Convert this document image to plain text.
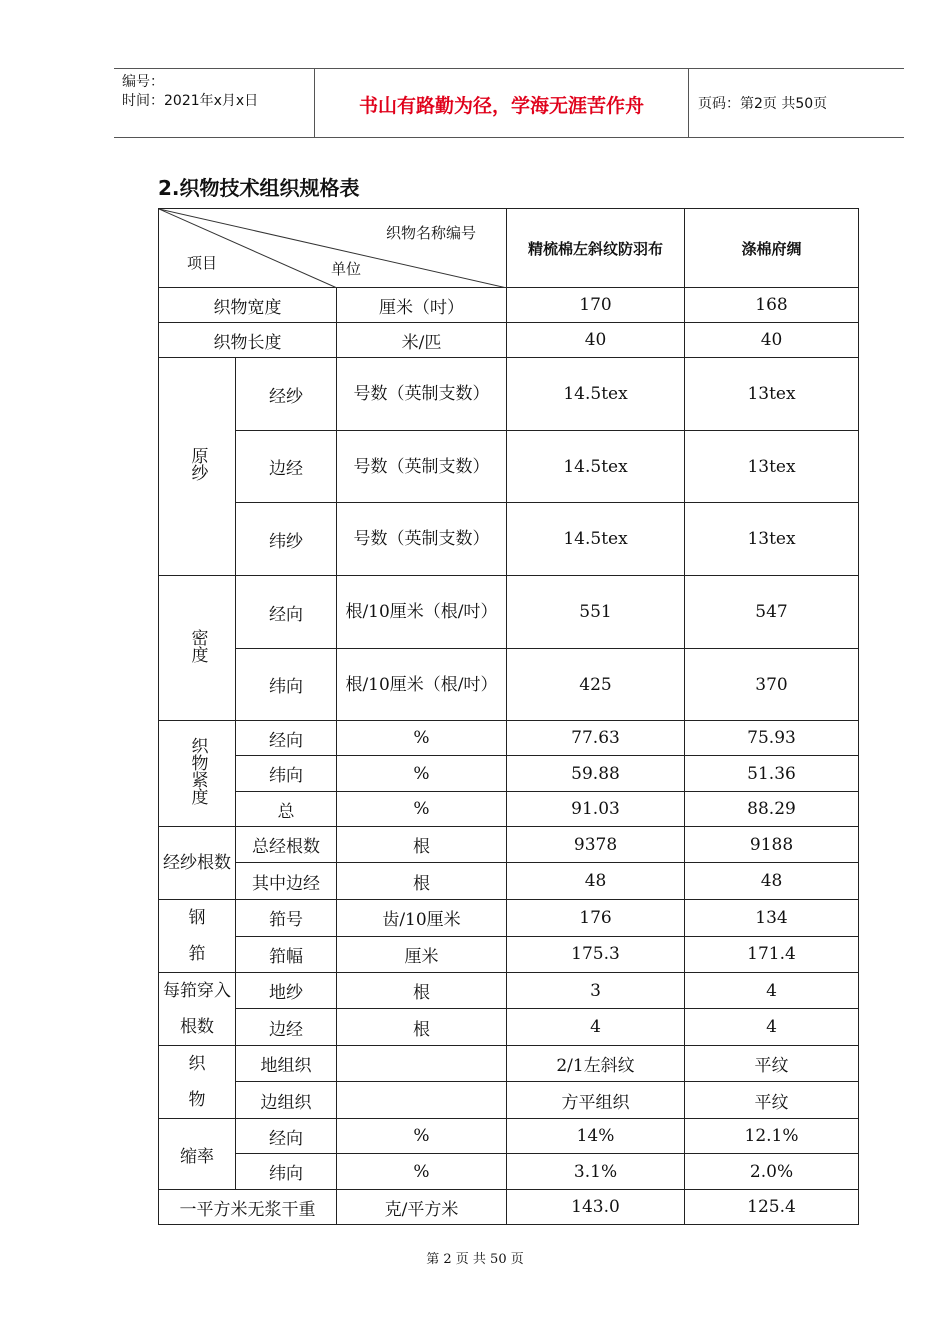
编号：
时间：2021年x月x日	书山有路勤为径，学海无涯苦作舟	页码：第2页 共50页
2.织物技术组织规格表
织物名称编号
单位
项目			精梳棉左斜纹防羽布	涤棉府绸
织物宽度		厘米（吋）	170	168
织物长度		米/匹	40	40
原纱	经纱	号数（英制支数）	14.5tex	13tex
	边经	号数（英制支数）	14.5tex	13tex
	纬纱	号数（英制支数）	14.5tex	13tex
密度	经向	根/10厘米（根/吋）	551	547
	纬向	根/10厘米（根/吋）	425	370
织物紧度	经向	%	77.63	75.93
	纬向	%	59.88	51.36
	总	%	91.03	88.29
经纱根数	总经根数	根	9378	9188
	其中边经	根	48	48
钢筘	筘号	齿/10厘米	176	134
	筘幅	厘米	175.3	171.4
每筘穿入根数	地纱	根	3	4
	边经	根	4	4
织物	地组织		2/1左斜纹	平纹
	边组织		方平组织	平纹
缩率	经向	%	14%	12.1%
	纬向	%	3.1%	2.0%
一平方米无浆干重		克/平方米	143.0	125.4
第 2 页 共 50 页
